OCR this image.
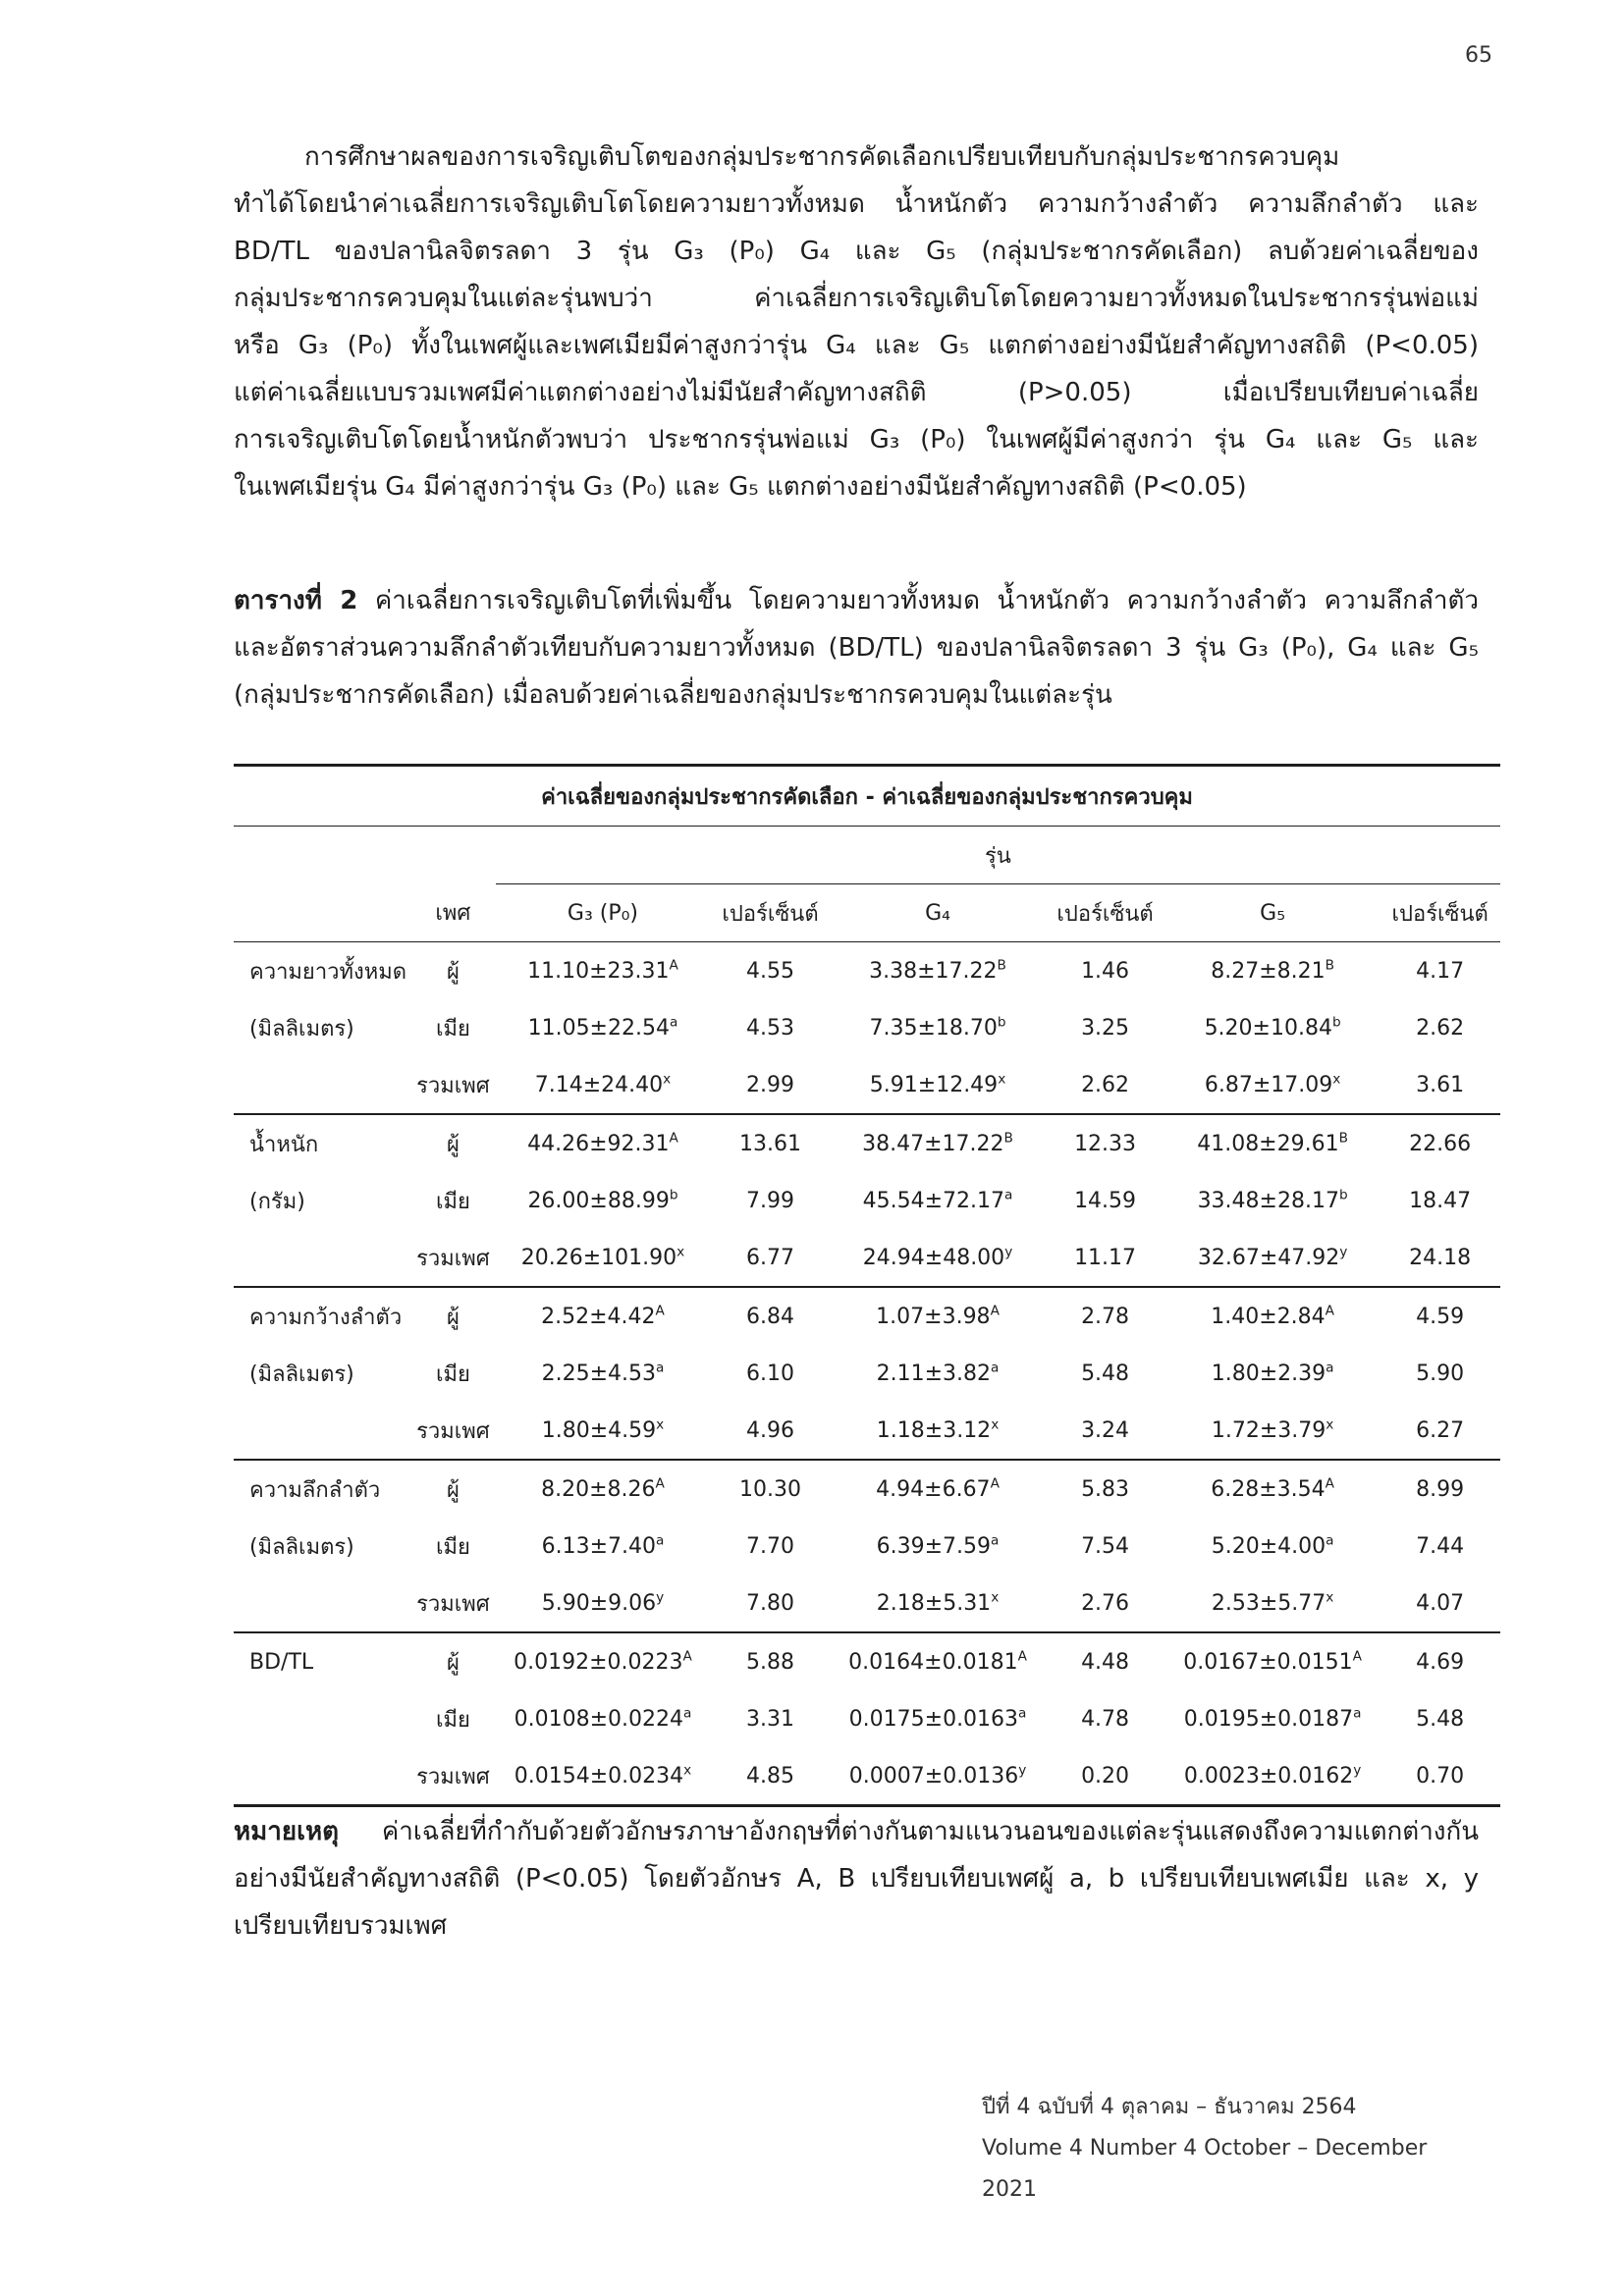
65
การศึกษาผลของการเจริญเติบโตของกลุ่มประชากรคัดเลือกเปรียบเทียบกับกลุ่มประชากรควบคุม
ทำได้โดยนำค่าเฉลี่ยการเจริญเติบโตโดยความยาวทั้งหมด น้ำหนักตัว ความกว้างลำตัว ความลึกลำตัว และ
BD/TL ของปลานิลจิตรลดา 3 รุ่น G₃ (P₀) G₄ และ G₅ (กลุ่มประชากรคัดเลือก) ลบด้วยค่าเฉลี่ยของ
กลุ่มประชากรควบคุมในแต่ละรุ่นพบว่า ค่าเฉลี่ยการเจริญเติบโตโดยความยาวทั้งหมดในประชากรรุ่นพ่อแม่
หรือ G₃ (P₀) ทั้งในเพศผู้และเพศเมียมีค่าสูงกว่ารุ่น G₄ และ G₅ แตกต่างอย่างมีนัยสำคัญทางสถิติ (P<0.05)
แต่ค่าเฉลี่ยแบบรวมเพศมีค่าแตกต่างอย่างไม่มีนัยสำคัญทางสถิติ (P>0.05) เมื่อเปรียบเทียบค่าเฉลี่ย
การเจริญเติบโตโดยน้ำหนักตัวพบว่า ประชากรรุ่นพ่อแม่ G₃ (P₀) ในเพศผู้มีค่าสูงกว่า รุ่น G₄ และ G₅ และ
ในเพศเมียรุ่น G₄ มีค่าสูงกว่ารุ่น G₃ (P₀) และ G₅ แตกต่างอย่างมีนัยสำคัญทางสถิติ (P<0.05)
ตารางที่ 2 ค่าเฉลี่ยการเจริญเติบโตที่เพิ่มขึ้น โดยความยาวทั้งหมด น้ำหนักตัว ความกว้างลำตัว ความลึกลำตัว
และอัตราส่วนความลึกลำตัวเทียบกับความยาวทั้งหมด (BD/TL) ของปลานิลจิตรลดา 3 รุ่น G₃ (P₀), G₄ และ G₅
(กลุ่มประชากรคัดเลือก) เมื่อลบด้วยค่าเฉลี่ยของกลุ่มประชากรควบคุมในแต่ละรุ่น
ค่าเฉลี่ยของกลุ่มประชากรคัดเลือก - ค่าเฉลี่ยของกลุ่มประชากรควบคุม							
		รุ่น					
	เพศ	G₃ (P₀)	เปอร์เซ็นต์	G₄	เปอร์เซ็นต์	G₅	เปอร์เซ็นต์
ความยาวทั้งหมด	ผู้	$11.10\pm 23.31^A$	4.55	$3.38\pm 17.22^B$	1.46	$8.27\pm 8.21^B$	4.17
(มิลลิเมตร)	เมีย	11.05±22.54$^a$	4.53	7.35±18.70$^b$	3.25	5.20±10.84$^b$	2.62
	รวมเพศ	$7.14\pm 24.40^x$	2.99	$5.91\pm 12.49^x$	2.62	$6.87\pm 17.09^x$	3.61
น้ำหนัก	ผู้	$44.26\pm 92.31^A$	13.61	$38.47\pm 17.22^B$	12.33	$41.08\pm 29.61^B$	22.66
(กรัม)	เมีย	26.00±88.99$^b$	7.99	45.54±72.17$^a$	14.59	33.48±28.17$^b$	18.47
	รวมเพศ	$20.26\pm 101.90^x$	6.77	$24.94\pm 48.00^y$	11.17	$32.67\pm 47.92^y$	24.18
ความกว้างลำตัว	ผู้	$2.52\pm 4.42^A$	6.84	$1.07\pm 3.98^A$	2.78	$1.40\pm 2.84^A$	4.59
(มิลลิเมตร)	เมีย	2.25±4.53$^a$	6.10	2.11±3.82$^a$	5.48	1.80±2.39$^a$	5.90
	รวมเพศ	$1.80\pm 4.59^x$	4.96	$1.18\pm 3.12^x$	3.24	$1.72\pm 3.79^x$	6.27
ความลึกลำตัว	ผู้	$8.20\pm 8.26^A$	10.30	$4.94\pm 6.67^A$	5.83	$6.28\pm 3.54^A$	8.99
(มิลลิเมตร)	เมีย	6.13±7.40$^a$	7.70	6.39±7.59$^a$	7.54	5.20±4.00$^a$	7.44
	รวมเพศ	$5.90\pm 9.06^y$	7.80	$2.18\pm 5.31^x$	2.76	$2.53\pm 5.77^x$	4.07
BD/TL	ผู้	$0.0192\pm 0.0223^A$	5.88	$0.0164\pm 0.0181^A$	4.48	$0.0167\pm 0.0151^A$	4.69
	เมีย	0.0108±0.0224$^a$	3.31	0.0175±0.0163$^a$	4.78	0.0195±0.0187$^a$	5.48
	รวมเพศ	$0.0154\pm 0.0234^x$	4.85	$0.0007\pm 0.0136^y$	0.20	$0.0023\pm 0.0162^y$	0.70
หมายเหตุ ค่าเฉลี่ยที่กำกับด้วยตัวอักษรภาษาอังกฤษที่ต่างกันตามแนวนอนของแต่ละรุ่นแสดงถึงความแตกต่างกัน
อย่างมีนัยสำคัญทางสถิติ (P<0.05) โดยตัวอักษร A, B เปรียบเทียบเพศผู้ a, b เปรียบเทียบเพศเมีย และ x, y
เปรียบเทียบรวมเพศ
ปีที่ 4 ฉบับที่ 4 ตุลาคม – ธันวาคม 2564
Volume 4 Number 4 October – December 2021
